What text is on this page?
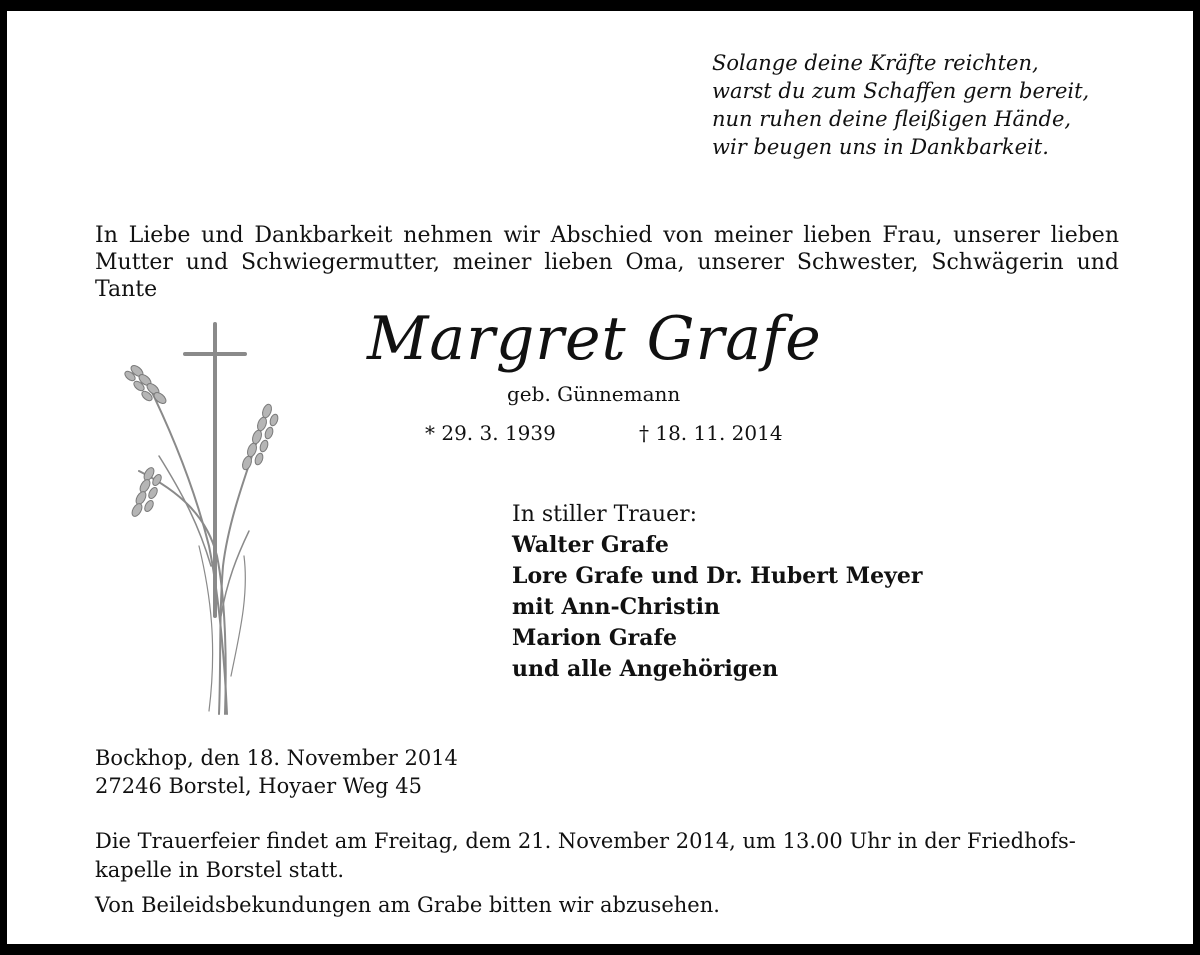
Solange deine Kräfte reichten,
warst du zum Schaffen gern bereit,
nun ruhen deine fleißigen Hände,
wir beugen uns in Dankbarkeit.
In Liebe und Dankbarkeit nehmen wir Abschied von meiner lieben Frau, unserer lieben Mutter und Schwiegermutter, meiner lieben Oma, unserer Schwester, Schwägerin und Tante
Margret Grafe
geb. Günnemann
* 29. 3. 1939	† 18. 11. 2014
In stiller Trauer:
Walter Grafe
Lore Grafe und Dr. Hubert Meyer
mit Ann-Christin
Marion Grafe
und alle Angehörigen
Bockhop, den 18. November 2014
27246 Borstel, Hoyaer Weg 45

Die Trauerfeier findet am Freitag, dem 21. November 2014, um 13.00 Uhr in der Friedhofs-kapelle in Borstel statt.

Von Beileidsbekundungen am Grabe bitten wir abzusehen.
